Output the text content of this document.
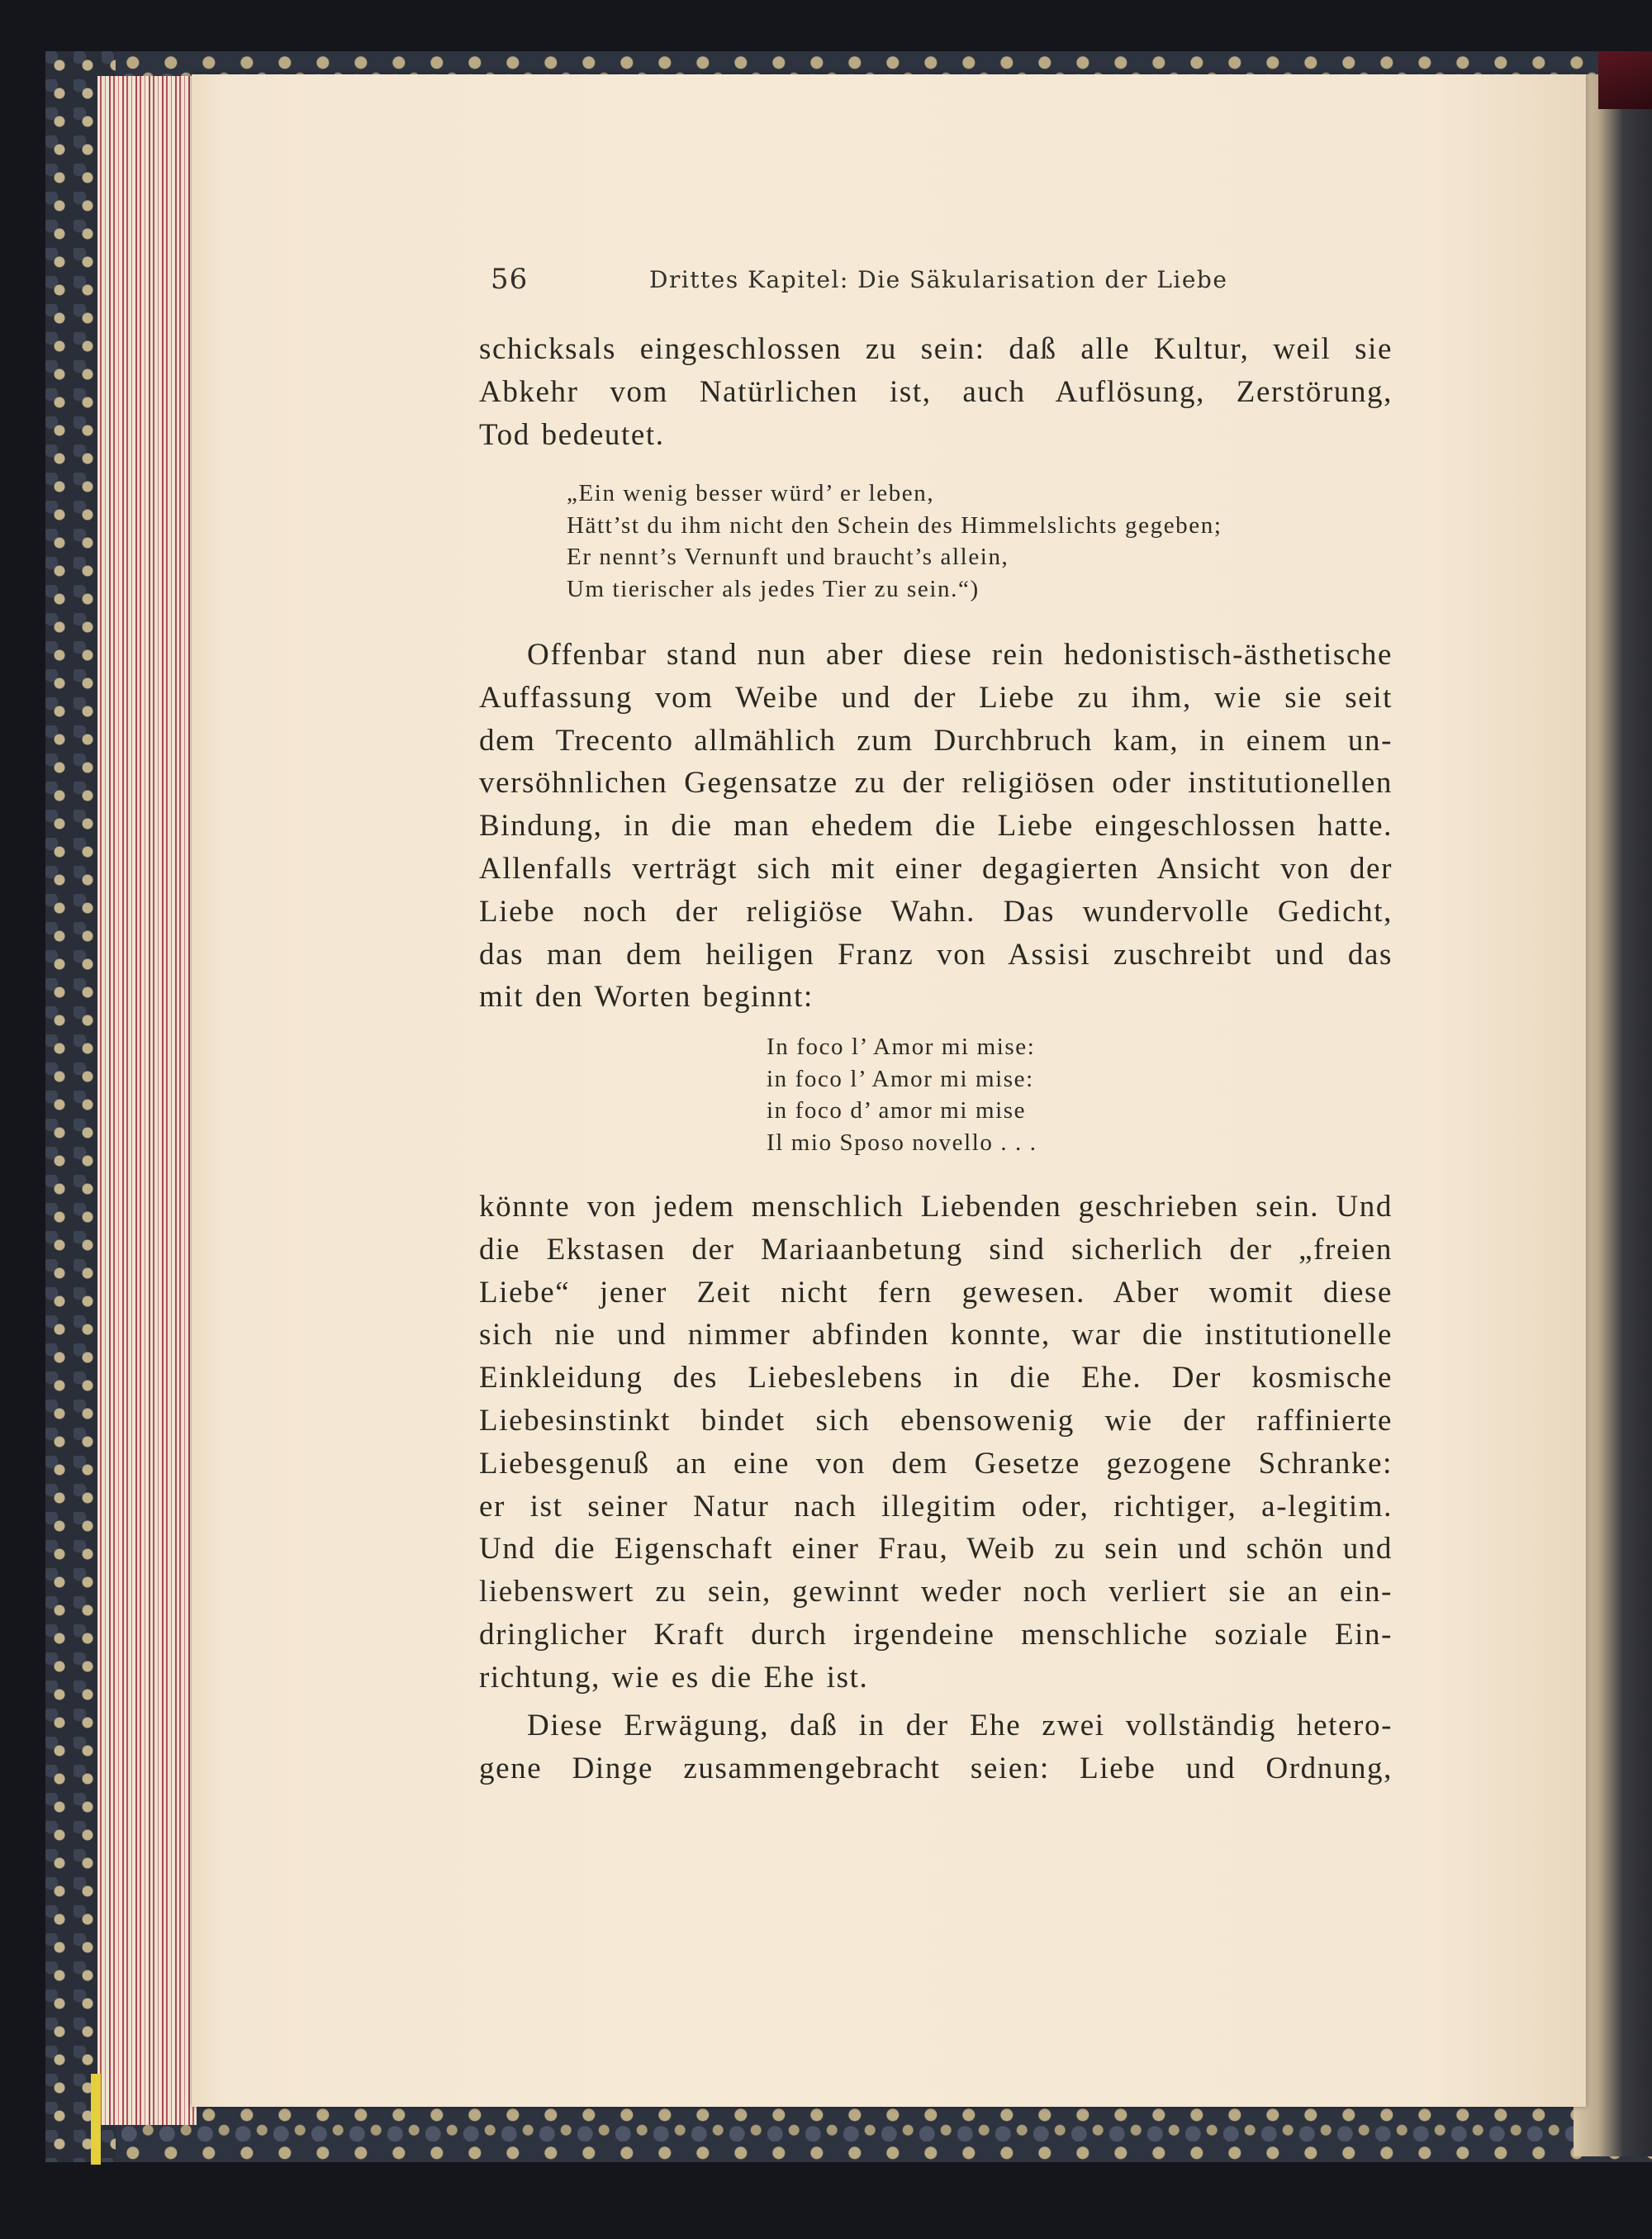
56	Drittes Kapitel: Die Säkularisation der Liebe
schicksals eingeschlossen zu sein: daß alle Kultur, weil sie
Abkehr vom Natürlichen ist, auch Auflösung, Zerstörung,
Tod bedeutet.
„Ein wenig besser würd’ er leben,
Hätt’st du ihm nicht den Schein des Himmelslichts gegeben;
Er nennt’s Vernunft und braucht’s allein,
Um tierischer als jedes Tier zu sein.“)
Offenbar stand nun aber diese rein hedonistisch-ästhetische
Auffassung vom Weibe und der Liebe zu ihm, wie sie seit
dem Trecento allmählich zum Durchbruch kam, in einem un-
versöhnlichen Gegensatze zu der religiösen oder institutionellen
Bindung, in die man ehedem die Liebe eingeschlossen hatte.
Allenfalls verträgt sich mit einer degagierten Ansicht von der
Liebe noch der religiöse Wahn. Das wundervolle Gedicht,
das man dem heiligen Franz von Assisi zuschreibt und das
mit den Worten beginnt:
In foco l’ Amor mi mise:
in foco l’ Amor mi mise:
in foco d’ amor mi mise
Il mio Sposo novello . . .
könnte von jedem menschlich Liebenden geschrieben sein. Und
die Ekstasen der Mariaanbetung sind sicherlich der „freien
Liebe“ jener Zeit nicht fern gewesen. Aber womit diese
sich nie und nimmer abfinden konnte, war die institutionelle
Einkleidung des Liebeslebens in die Ehe. Der kosmische
Liebesinstinkt bindet sich ebensowenig wie der raffinierte
Liebesgenuß an eine von dem Gesetze gezogene Schranke:
er ist seiner Natur nach illegitim oder, richtiger, a-legitim.
Und die Eigenschaft einer Frau, Weib zu sein und schön und
liebenswert zu sein, gewinnt weder noch verliert sie an ein-
dringlicher Kraft durch irgendeine menschliche soziale Ein-
richtung, wie es die Ehe ist.
Diese Erwägung, daß in der Ehe zwei vollständig hetero-
gene Dinge zusammengebracht seien: Liebe und Ordnung,
